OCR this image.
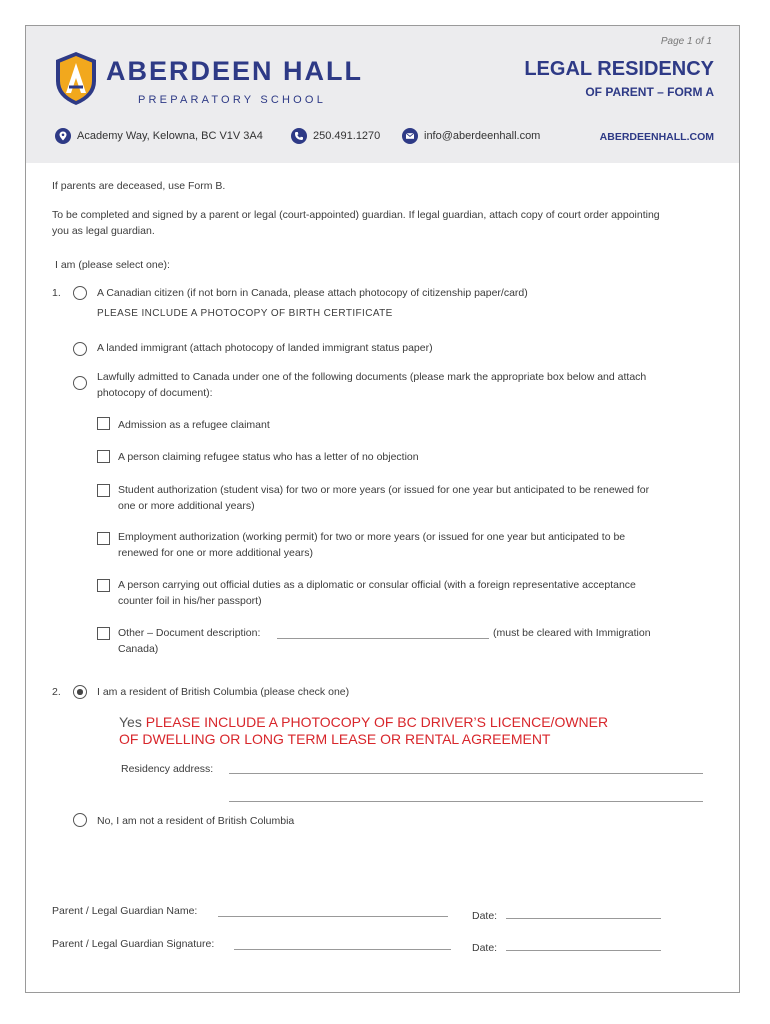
Page 1 of 1
ABERDEEN HALL
PREPARATORY SCHOOL
LEGAL RESIDENCY
OF PARENT – FORM A
Academy Way, Kelowna, BC V1V 3A4	250.491.1270	info@aberdeenhall.com	ABERDEENHALL.COM
If parents are deceased, use Form B.
To be completed and signed by a parent or legal (court-appointed) guardian. If legal guardian, attach copy of court order appointing
you as legal guardian.
I am (please select one):
1.	A Canadian citizen (if not born in Canada, please attach photocopy of citizenship paper/card)
PLEASE INCLUDE A PHOTOCOPY OF BIRTH CERTIFICATE
A landed immigrant (attach photocopy of landed immigrant status paper)
Lawfully admitted to Canada under one of the following documents (please mark the appropriate box below and attach
photocopy of document):
Admission as a refugee claimant
A person claiming refugee status who has a letter of no objection
Student authorization (student visa) for two or more years (or issued for one year but anticipated to be renewed for
one or more additional years)
Employment authorization (working permit) for two or more years (or issued for one year but anticipated to be
renewed for one or more additional years)
A person carrying out official duties as a diplomatic or consular official (with a foreign representative acceptance
counter foil in his/her passport)
Other – Document description:	(must be cleared with Immigration
Canada)
2.	I am a resident of British Columbia (please check one)
Yes PLEASE INCLUDE A PHOTOCOPY OF BC DRIVER’S LICENCE/OWNER
OF DWELLING OR LONG TERM LEASE OR RENTAL AGREEMENT
Residency address:
No, I am not a resident of British Columbia
Parent / Legal Guardian Name:	Date:
Parent / Legal Guardian Signature:	Date:
